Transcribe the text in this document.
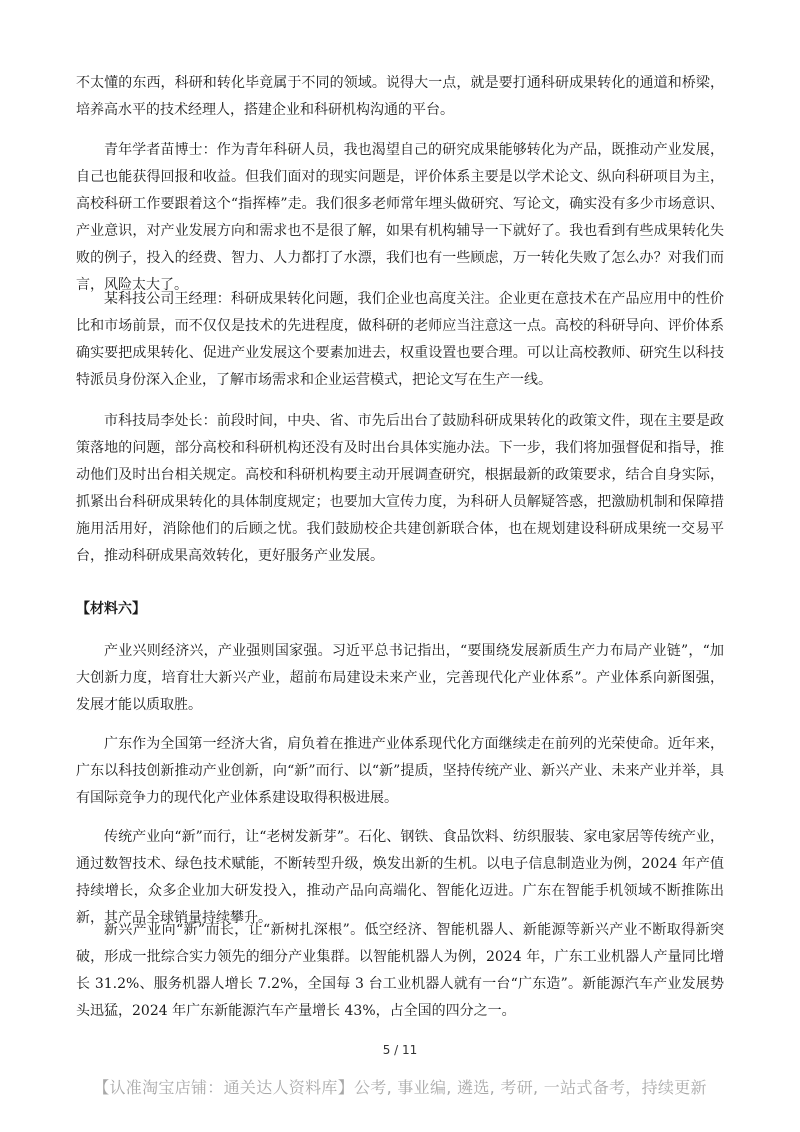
不太懂的东西，科研和转化毕竟属于不同的领域。说得大一点，就是要打通科研成果转化的通道和桥梁，培养高水平的技术经理人，搭建企业和科研机构沟通的平台。

青年学者苗博士：作为青年科研人员，我也渴望自己的研究成果能够转化为产品，既推动产业发展，自己也能获得回报和收益。但我们面对的现实问题是，评价体系主要是以学术论文、纵向科研项目为主，高校科研工作要跟着这个“指挥棒”走。我们很多老师常年埋头做研究、写论文，确实没有多少市场意识、产业意识，对产业发展方向和需求也不是很了解，如果有机构辅导一下就好了。我也看到有些成果转化失败的例子，投入的经费、智力、人力都打了水漂，我们也有一些顾虑，万一转化失败了怎么办？对我们而言，风险太大了。

某科技公司王经理：科研成果转化问题，我们企业也高度关注。企业更在意技术在产品应用中的性价比和市场前景，而不仅仅是技术的先进程度，做科研的老师应当注意这一点。高校的科研导向、评价体系确实要把成果转化、促进产业发展这个要素加进去，权重设置也要合理。可以让高校教师、研究生以科技特派员身份深入企业，了解市场需求和企业运营模式，把论文写在生产一线。

市科技局李处长：前段时间，中央、省、市先后出台了鼓励科研成果转化的政策文件，现在主要是政策落地的问题，部分高校和科研机构还没有及时出台具体实施办法。下一步，我们将加强督促和指导，推动他们及时出台相关规定。高校和科研机构要主动开展调查研究，根据最新的政策要求，结合自身实际，抓紧出台科研成果转化的具体制度规定；也要加大宣传力度，为科研人员解疑答惑，把激励机制和保障措施用活用好，消除他们的后顾之忧。我们鼓励校企共建创新联合体，也在规划建设科研成果统一交易平台，推动科研成果高效转化，更好服务产业发展。

【材料六】

产业兴则经济兴，产业强则国家强。习近平总书记指出，“要围绕发展新质生产力布局产业链”，“加大创新力度，培育壮大新兴产业，超前布局建设未来产业，完善现代化产业体系”。产业体系向新图强，发展才能以质取胜。

广东作为全国第一经济大省，肩负着在推进产业体系现代化方面继续走在前列的光荣使命。近年来，广东以科技创新推动产业创新，向“新”而行、以“新”提质，坚持传统产业、新兴产业、未来产业并举，具有国际竞争力的现代化产业体系建设取得积极进展。

传统产业向“新”而行，让“老树发新芽”。石化、钢铁、食品饮料、纺织服装、家电家居等传统产业，通过数智技术、绿色技术赋能，不断转型升级，焕发出新的生机。以电子信息制造业为例，2024 年产值持续增长，众多企业加大研发投入，推动产品向高端化、智能化迈进。广东在智能手机领域不断推陈出新，其产品全球销量持续攀升。

新兴产业向“新”而长，让“新树扎深根”。低空经济、智能机器人、新能源等新兴产业不断取得新突破，形成一批综合实力领先的细分产业集群。以智能机器人为例，2024 年，广东工业机器人产量同比增长 31.2%、服务机器人增长 7.2%，全国每 3 台工业机器人就有一台“广东造”。新能源汽车产业发展势头迅猛，2024 年广东新能源汽车产量增长 43%，占全国的四分之一。

5 / 11
【认准淘宝店铺：通关达人资料库】公考, 事业编, 遴选, 考研, 一站式备考，持续更新
